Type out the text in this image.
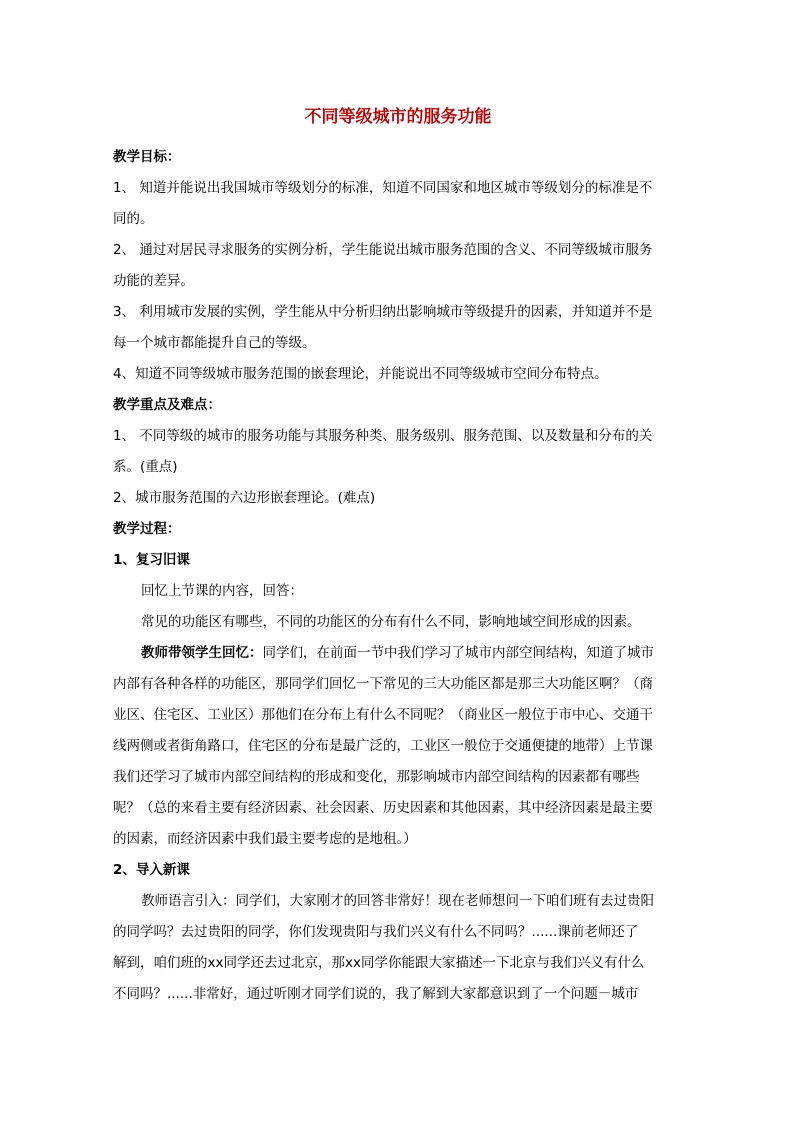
不同等级城市的服务功能
教学目标：
1、 知道并能说出我国城市等级划分的标准，知道不同国家和地区城市等级划分的标准是不
同的。
2、 通过对居民寻求服务的实例分析，学生能说出城市服务范围的含义、不同等级城市服务
功能的差异。
3、 利用城市发展的实例，学生能从中分析归纳出影响城市等级提升的因素，并知道并不是
每一个城市都能提升自己的等级。
4、知道不同等级城市服务范围的嵌套理论，并能说出不同等级城市空间分布特点。
教学重点及难点：
1、 不同等级的城市的服务功能与其服务种类、服务级别、服务范围、以及数量和分布的关
系。(重点)
2、城市服务范围的六边形嵌套理论。(难点)
教学过程：
1、复习旧课
回忆上节课的内容，回答：
常见的功能区有哪些，不同的功能区的分布有什么不同，影响地域空间形成的因素。
教师带领学生回忆：同学们，在前面一节中我们学习了城市内部空间结构，知道了城市
内部有各种各样的功能区，那同学们回忆一下常见的三大功能区都是那三大功能区啊？（商
业区、住宅区、工业区）那他们在分布上有什么不同呢？（商业区一般位于市中心、交通干
线两侧或者街角路口，住宅区的分布是最广泛的，工业区一般位于交通便捷的地带）上节课
我们还学习了城市内部空间结构的形成和变化，那影响城市内部空间结构的因素都有哪些
呢？（总的来看主要有经济因素、社会因素、历史因素和其他因素，其中经济因素是最主要
的因素，而经济因素中我们最主要考虑的是地租。）
2、导入新课
教师语言引入：同学们，大家刚才的回答非常好！现在老师想问一下咱们班有去过贵阳
的同学吗？去过贵阳的同学，你们发现贵阳与我们兴义有什么不同吗？......课前老师还了
解到，咱们班的xx同学还去过北京，那xx同学你能跟大家描述一下北京与我们兴义有什么
不同吗？......非常好，通过听刚才同学们说的，我了解到大家都意识到了一个问题－城市
